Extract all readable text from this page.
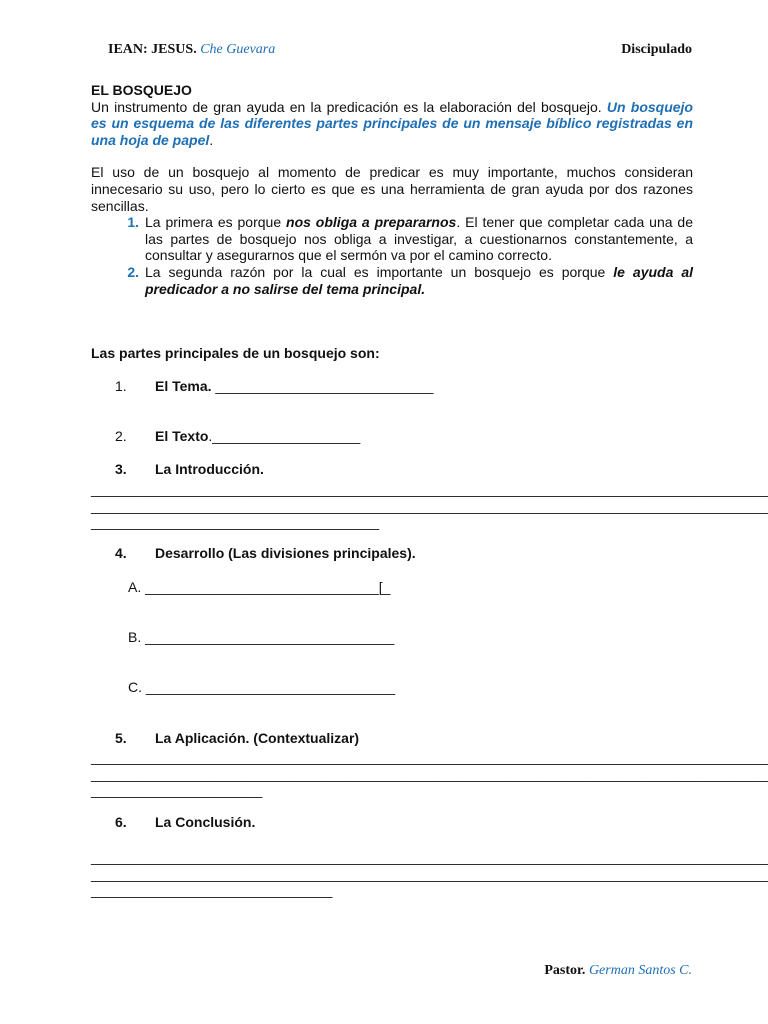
IEAN: JESUS. Che Guevara	Discipulado

EL BOSQUEJO

Un instrumento de gran ayuda en la predicación es la elaboración del bosquejo. Un bosquejo es un esquema de las diferentes partes principales de un mensaje bíblico registradas en una hoja de papel.

El uso de un bosquejo al momento de predicar es muy importante, muchos consideran innecesario su uso, pero lo cierto es que es una herramienta de gran ayuda por dos razones sencillas.

1. La primera es porque nos obliga a prepararnos. El tener que completar cada una de las partes de bosquejo nos obliga a investigar, a cuestionarnos constantemente, a consultar y asegurarnos que el sermón va por el camino correcto.
2. La segunda razón por la cual es importante un bosquejo es porque le ayuda al predicador a no salirse del tema principal.
Las partes principales de un bosquejo son:
1. El Tema. ____________________________
2. El Texto.___________________
3. La Introducción.
_______________________________________________________________________________________
_______________________________________________________________________________________
_____________________________________
4. Desarrollo (Las divisiones principales).
A. ______________________________[_
B. ________________________________
C. ________________________________
5. La Aplicación. (Contextualizar)
_______________________________________________________________________________________
_______________________________________________________________________________________
______________________
6. La Conclusión.
_______________________________________________________________________________________
_______________________________________________________________________________________
_______________________________
Pastor. German Santos C.
